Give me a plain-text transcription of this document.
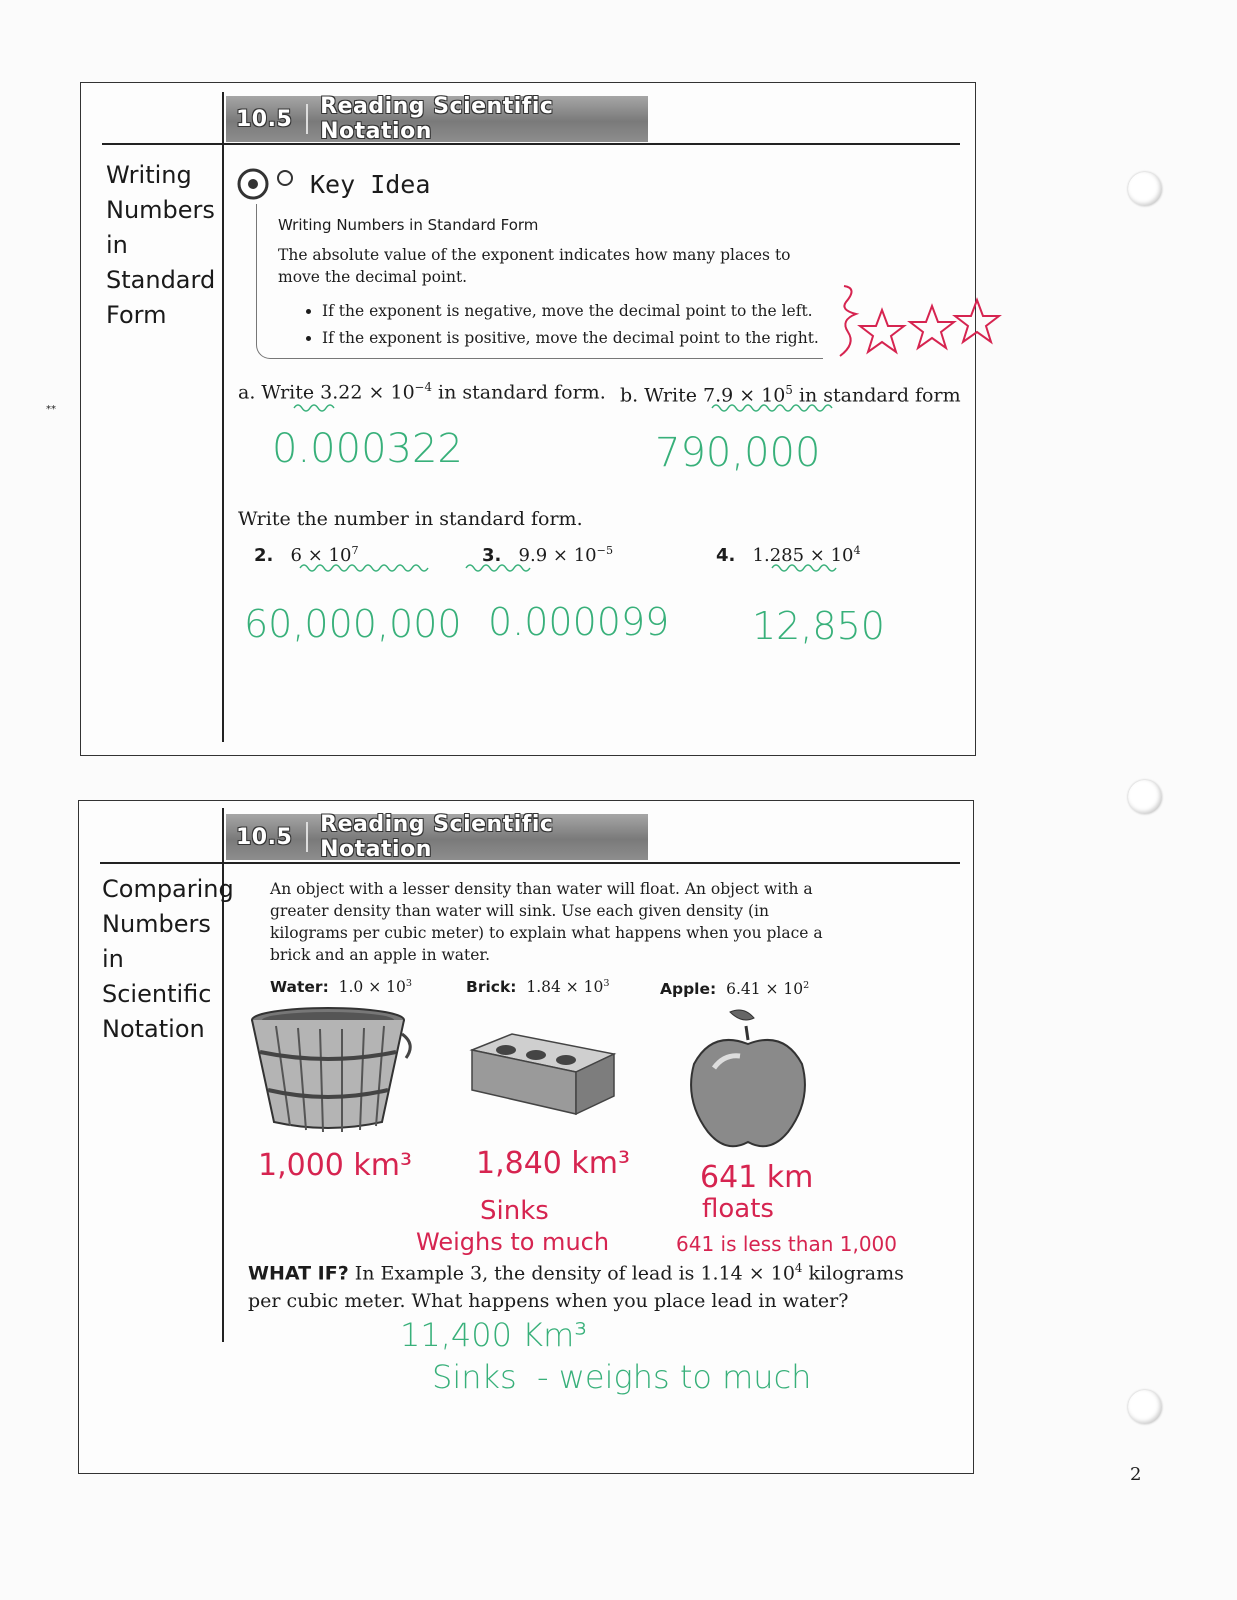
10.5 Reading Scientific Notation
Writing
Numbers
in
Standard
Form
Key Idea
Writing Numbers in Standard Form
The absolute value of the exponent indicates how many places to move the decimal point.
• If the exponent is negative, move the decimal point to the left.
• If the exponent is positive, move the decimal point to the right.
a. Write $3.22 \times 10^{-4}$ in standard form. b. Write $7.9 \times 10^5$ in standard form
0.000322	790,000
Write the number in standard form.
2. $6 \times 10^7$	3. $9.9 \times 10^{-5}$	4. $1.285 \times 10^4$
60,000,000 0.000099 12,850
⁣⁣**
10.5 Reading Scientific Notation
Comparing
Numbers
in
Scientific
Notation
An object with a lesser density than water will float. An object with a greater density than water will sink. Use each given density (in kilograms per cubic meter) to explain what happens when you place a brick and an apple in water.
Water: $1.0 \times 10^3$	Brick: $1.84 \times 10^3$	Apple: $6.41 \times 10^2$
1,000 km³ 1,840 km³
Sinks
Weighs to much
641 km
floats
641 is less than 1,000
WHAT IF? In Example 3, the density of lead is $1.14 \times 10^4$ kilograms
per cubic meter. What happens when you place lead in water?
11,400 Km³
Sinks  - weighs to much
2
